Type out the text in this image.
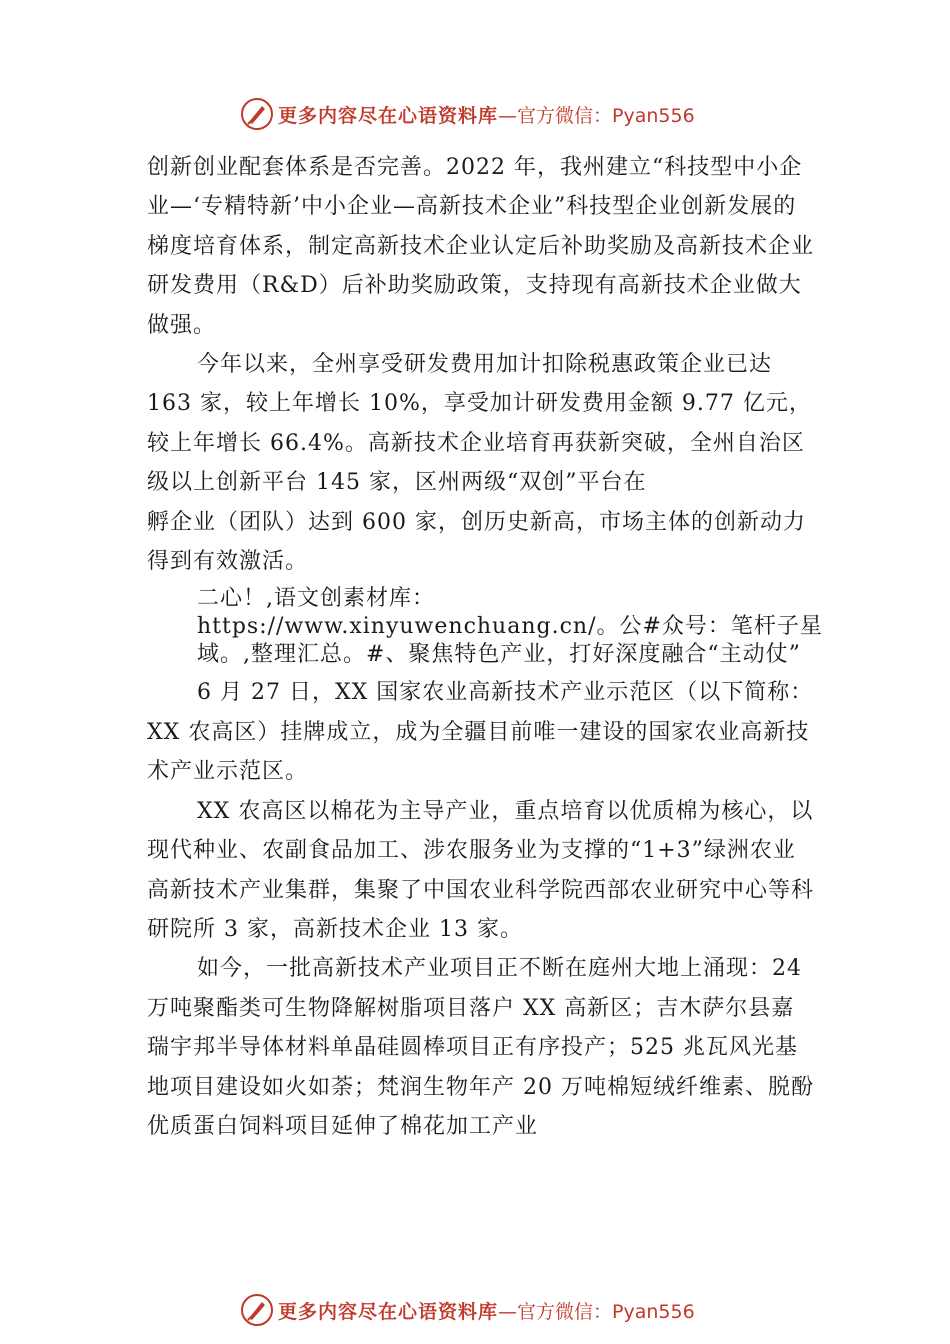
更多内容尽在心语资料库 —官方微信：Pyan556

创新创业配套体系是否完善。2022 年，我州建立“科技型中小企业—‘专精特新’中小企业—高新技术企业”科技型企业创新发展的梯度培育体系，制定高新技术企业认定后补助奖励及高新技术企业研发费用（R&D）后补助奖励政策，支持现有高新技术企业做大做强。

今年以来，全州享受研发费用加计扣除税惠政策企业已达 163 家，较上年增长 10%，享受加计研发费用金额 9.77 亿元，较上年增长 66.4%。高新技术企业培育再获新突破，全州自治区级以上创新平台 145 家，区州两级“双创”平台在

孵企业（团队）达到 600 家，创历史新高，市场主体的创新动力得到有效激活。

二心！,语文创素材库：https://www.xinyuwenchuang.cn/。公#众号：笔杆子星域。,整理汇总。#、聚焦特色产业，打好深度融合“主动仗”

6 月 27 日，XX 国家农业高新技术产业示范区（以下简称：XX 农高区）挂牌成立，成为全疆目前唯一建设的国家农业高新技术产业示范区。

XX 农高区以棉花为主导产业，重点培育以优质棉为核心，以现代种业、农副食品加工、涉农服务业为支撑的“1+3”绿洲农业高新技术产业集群，集聚了中国农业科学院西部农业研究中心等科研院所 3 家，高新技术企业 13 家。

如今，一批高新技术产业项目正不断在庭州大地上涌现：24 万吨聚酯类可生物降解树脂项目落户 XX 高新区；吉木萨尔县嘉瑞宇邦半导体材料单晶硅圆棒项目正有序投产；525 兆瓦风光基地项目建设如火如荼；梵润生物年产 20 万吨棉短绒纤维素、脱酚优质蛋白饲料项目延伸了棉花加工产业

更多内容尽在心语资料库 —官方微信：Pyan556
